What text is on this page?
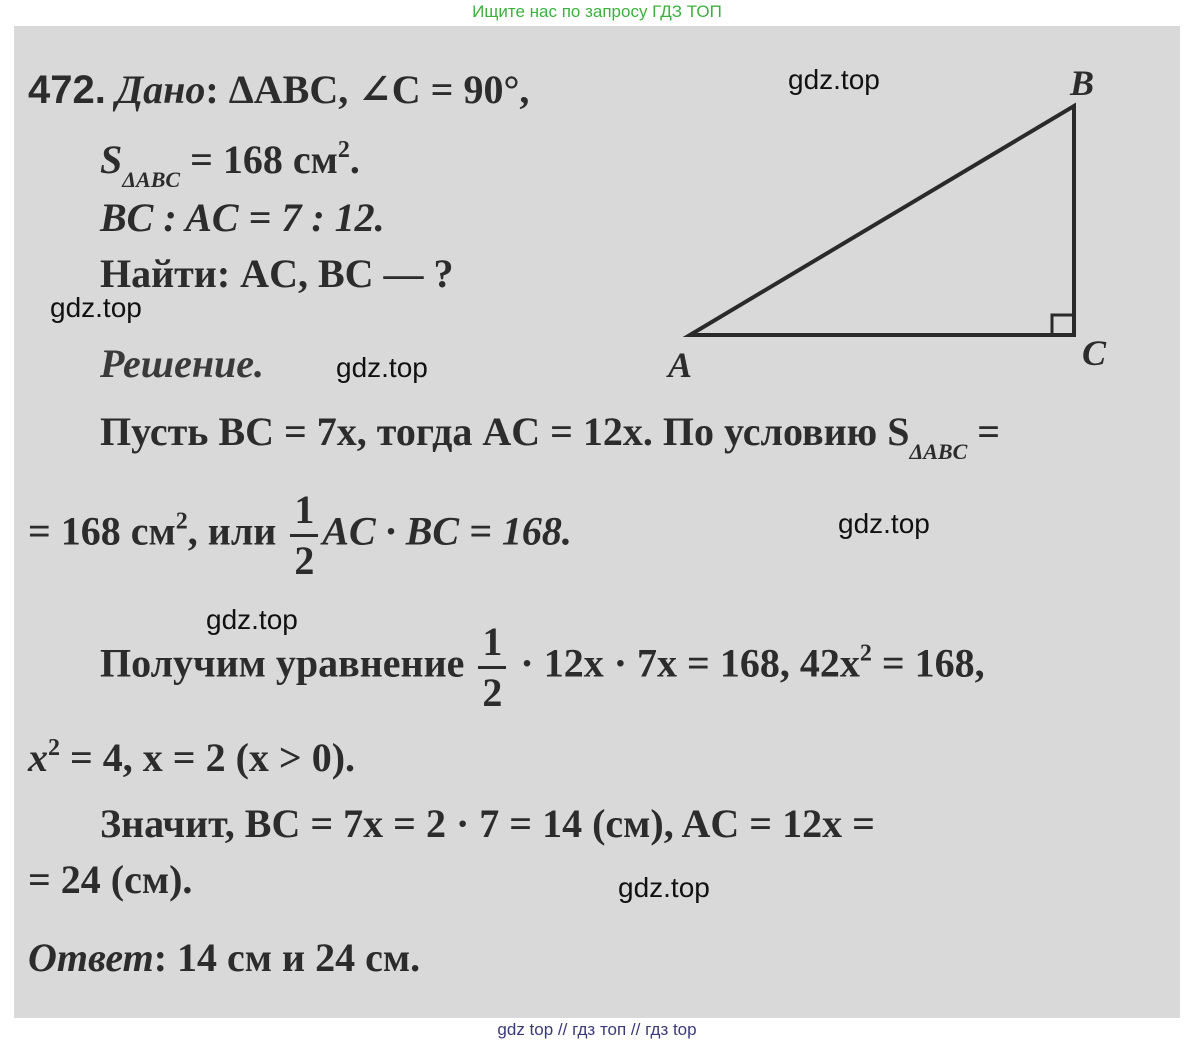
Ищите нас по запросу ГДЗ ТОП
472. Дано: ΔABC, ∠C = 90°,
$S_{\Delta ABC} = 168$ $см^2$.
BC : AC = 7 : 12.
Найти: AC, BC — ?
Решение.	A
B
C
Пусть BC = 7x, тогда AC = 12x. По условию $S_{\Delta ABC}$ =
= 168 $см^2$, или $\frac{1}{2}$ AC · BC = 168.
Получим уравнение $\frac{1}{2} \cdot 12x \cdot 7x = 168$, $42x^2 = 168$,
$x^2 = 4$, x = 2 (x > 0).
Значит, BC = 7x = 2 · 7 = 14 (см), AC = 12x =
= 24 (см).
Ответ: 14 см и 24 см.
gdz.top
gdz.top
gdz.top
gdz.top
gdz.top
gdz.top
gdz top // гдз топ // гдз top
